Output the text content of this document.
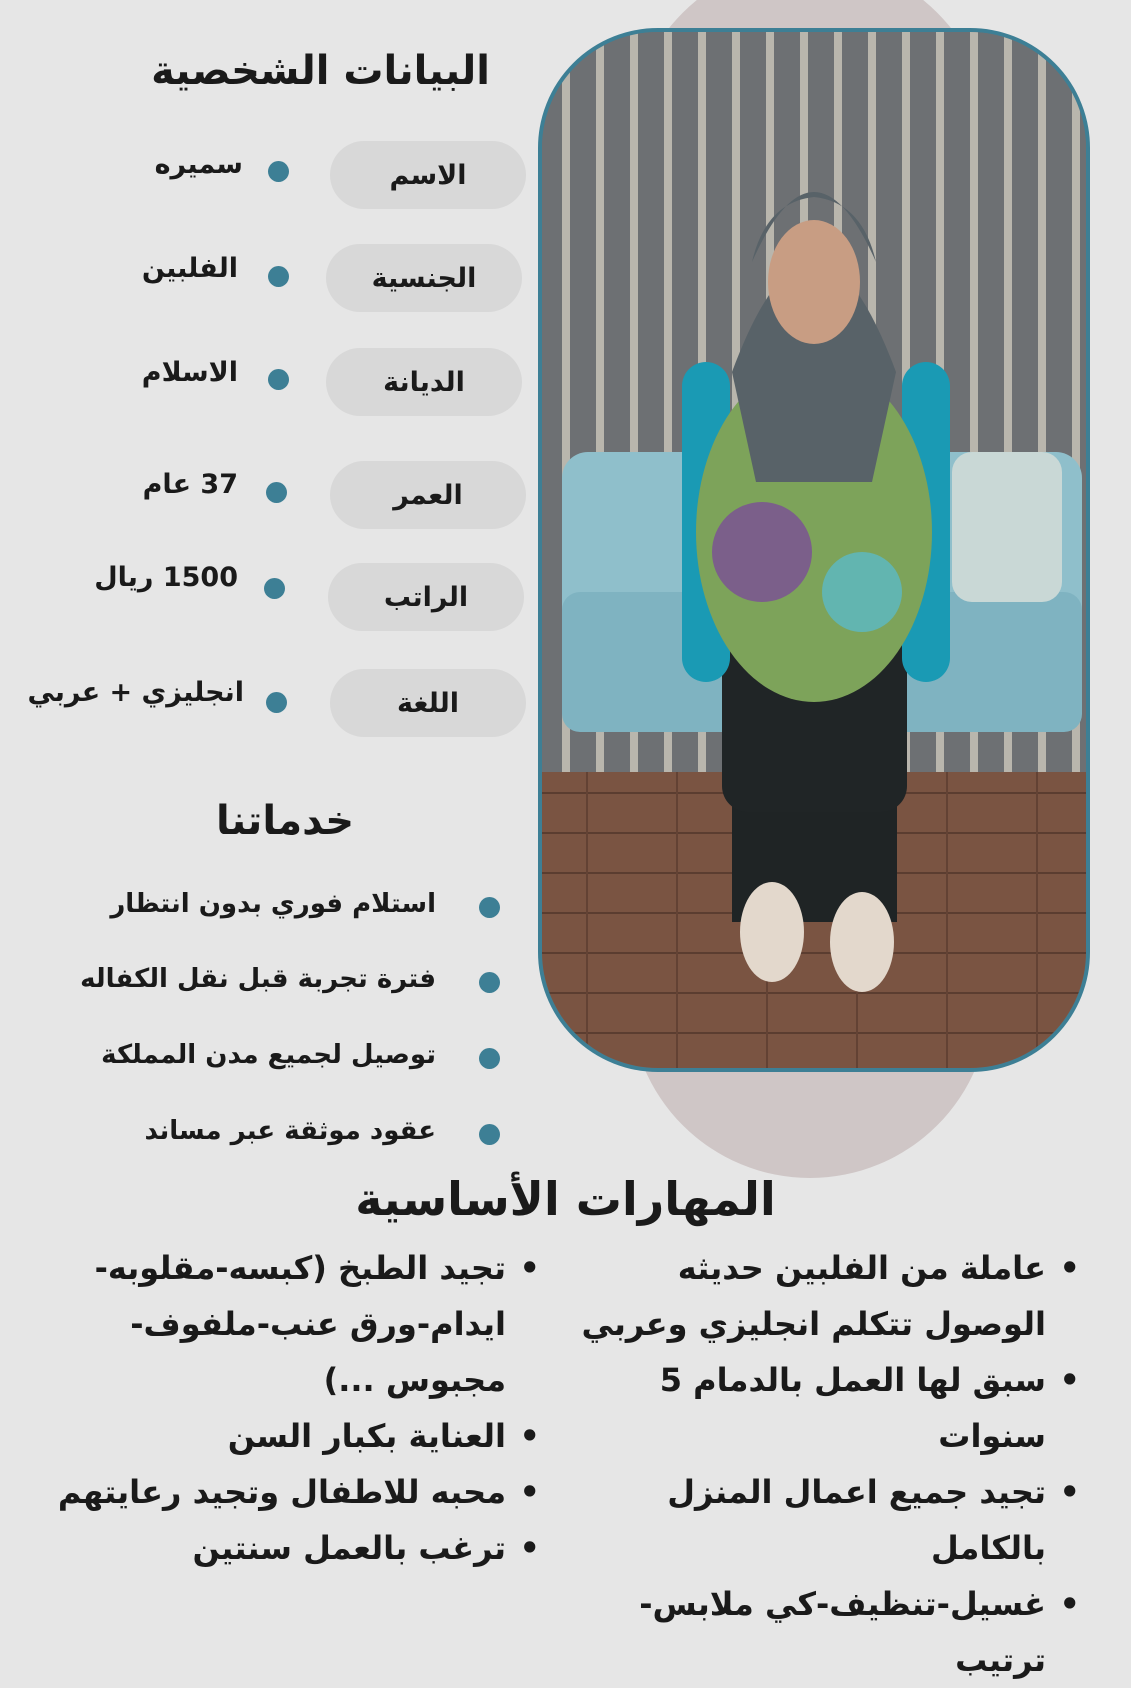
البيانات الشخصية
الاسم
سميره
الجنسية
الفلبين
الديانة
الاسلام
العمر
37 عام
الراتب
1500 ريال
اللغة
انجليزي + عربي
خدماتنا
استلام فوري بدون انتظار
فترة تجربة قبل نقل الكفاله
توصيل لجميع مدن المملكة
عقود موثقة عبر مساند
المهارات الأساسية
• عاملة من الفلبين حديثه الوصول تتكلم انجليزي وعربي
• سبق لها العمل بالدمام 5 سنوات
• تجيد جميع اعمال المنزل بالكامل
• غسيل-تنظيف-كي ملابس-ترتيب
• تجيد الطبخ (كبسه-مقلوبه-ايدام-ورق عنب-ملفوف-مجبوس ...)
• العناية بكبار السن
• محبه للاطفال وتجيد رعايتهم
• ترغب بالعمل سنتين
